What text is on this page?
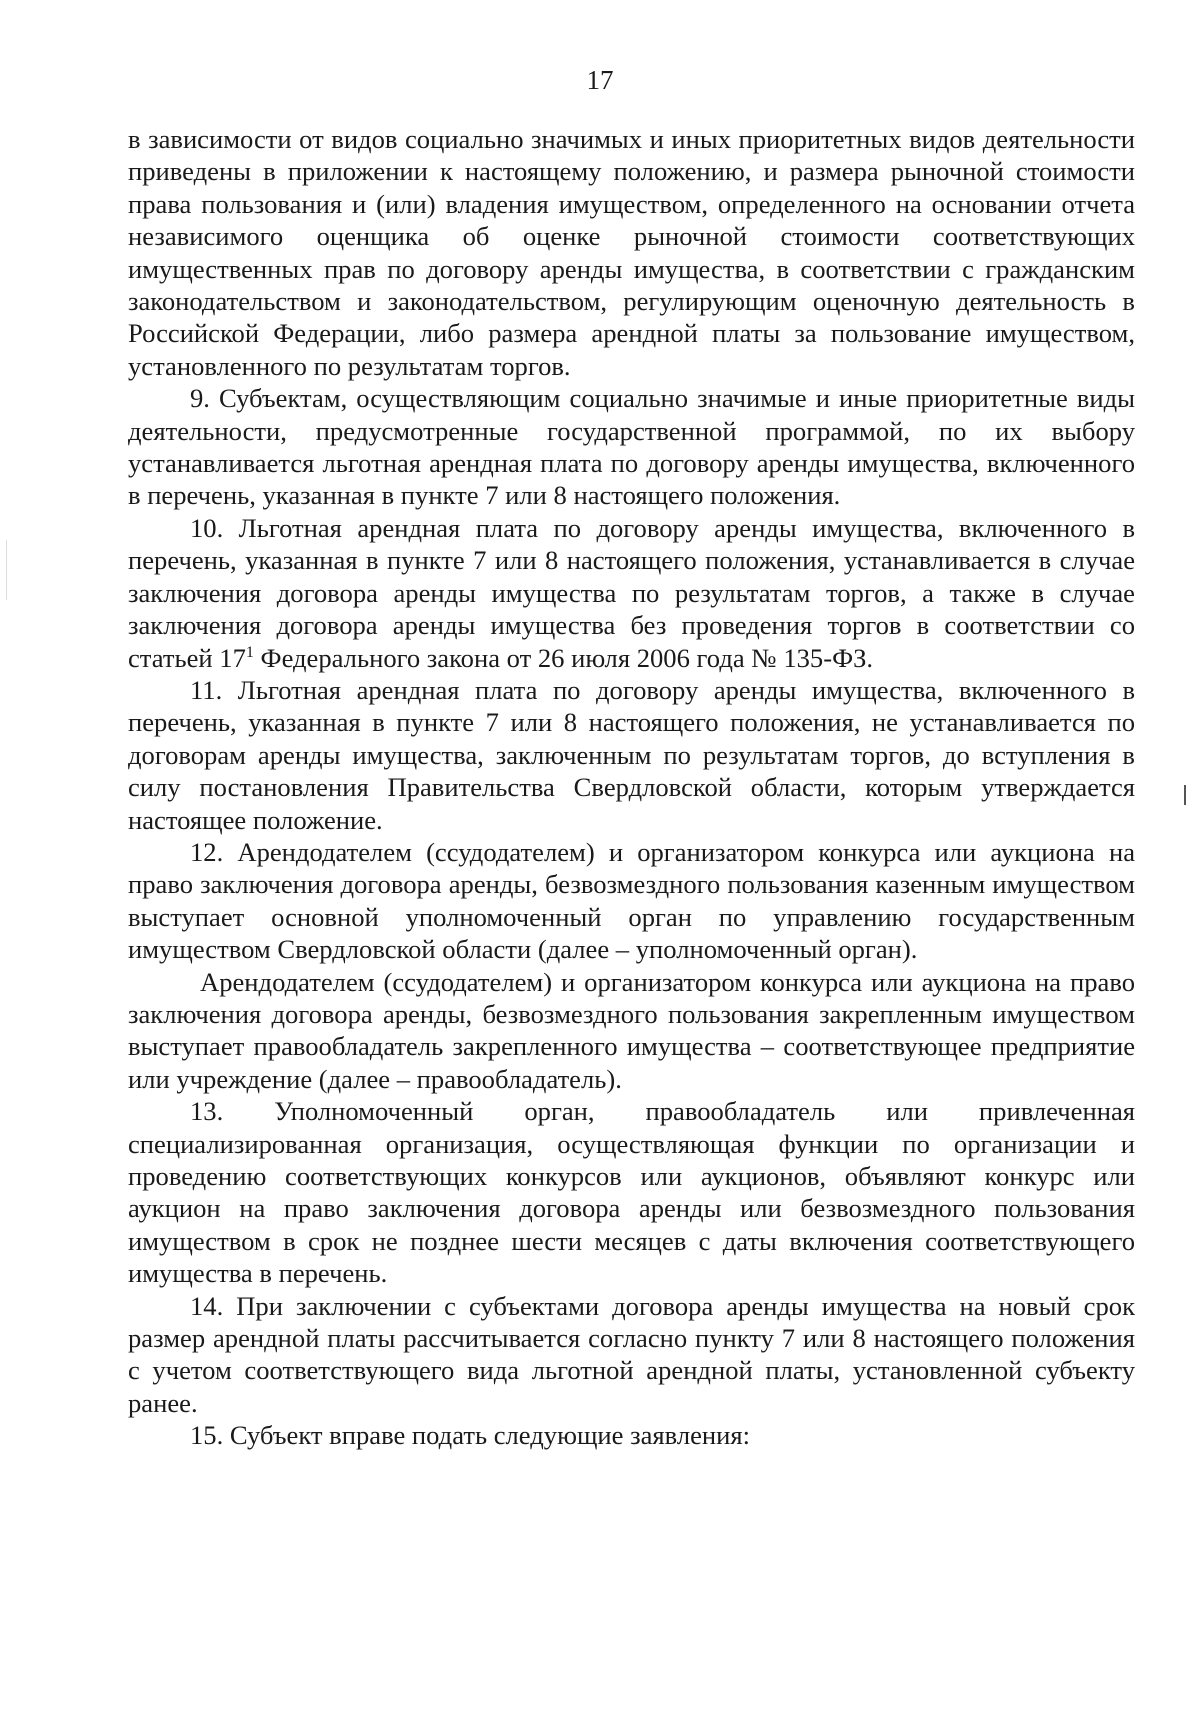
17

в зависимости от видов социально значимых и иных приоритетных видов деятельности приведены в приложении к настоящему положению, и размера рыночной стоимости права пользования и (или) владения имуществом, определенного на основании отчета независимого оценщика об оценке рыночной стоимости соответствующих имущественных прав по договору аренды имущества, в соответствии с гражданским законодательством и законодательством, регулирующим оценочную деятельность в Российской Федерации, либо размера арендной платы за пользование имуществом, установленного по результатам торгов.

9. Субъектам, осуществляющим социально значимые и иные приоритетные виды деятельности, предусмотренные государственной программой, по их выбору устанавливается льготная арендная плата по договору аренды имущества, включенного в перечень, указанная в пункте 7 или 8 настоящего положения.

10. Льготная арендная плата по договору аренды имущества, включенного в перечень, указанная в пункте 7 или 8 настоящего положения, устанавливается в случае заключения договора аренды имущества по результатам торгов, а также в случае заключения договора аренды имущества без проведения торгов в соответствии со статьей $17^1$ Федерального закона от 26 июля 2006 года № 135-ФЗ.

11. Льготная арендная плата по договору аренды имущества, включенного в перечень, указанная в пункте 7 или 8 настоящего положения, не устанавливается по договорам аренды имущества, заключенным по результатам торгов, до вступления в силу постановления Правительства Свердловской области, которым утверждается настоящее положение.

12. Арендодателем (ссудодателем) и организатором конкурса или аукциона на право заключения договора аренды, безвозмездного пользования казенным имуществом выступает основной уполномоченный орган по управлению государственным имуществом Свердловской области (далее – уполномоченный орган).

Арендодателем (ссудодателем) и организатором конкурса или аукциона на право заключения договора аренды, безвозмездного пользования закрепленным имуществом выступает правообладатель закрепленного имущества – соответствующее предприятие или учреждение (далее – правообладатель).

13. Уполномоченный орган, правообладатель или привлеченная специализированная организация, осуществляющая функции по организации и проведению соответствующих конкурсов или аукционов, объявляют конкурс или аукцион на право заключения договора аренды или безвозмездного пользования имуществом в срок не позднее шести месяцев с даты включения соответствующего имущества в перечень.

14. При заключении с субъектами договора аренды имущества на новый срок размер арендной платы рассчитывается согласно пункту 7 или 8 настоящего положения с учетом соответствующего вида льготной арендной платы, установленной субъекту ранее.

15. Субъект вправе подать следующие заявления:
